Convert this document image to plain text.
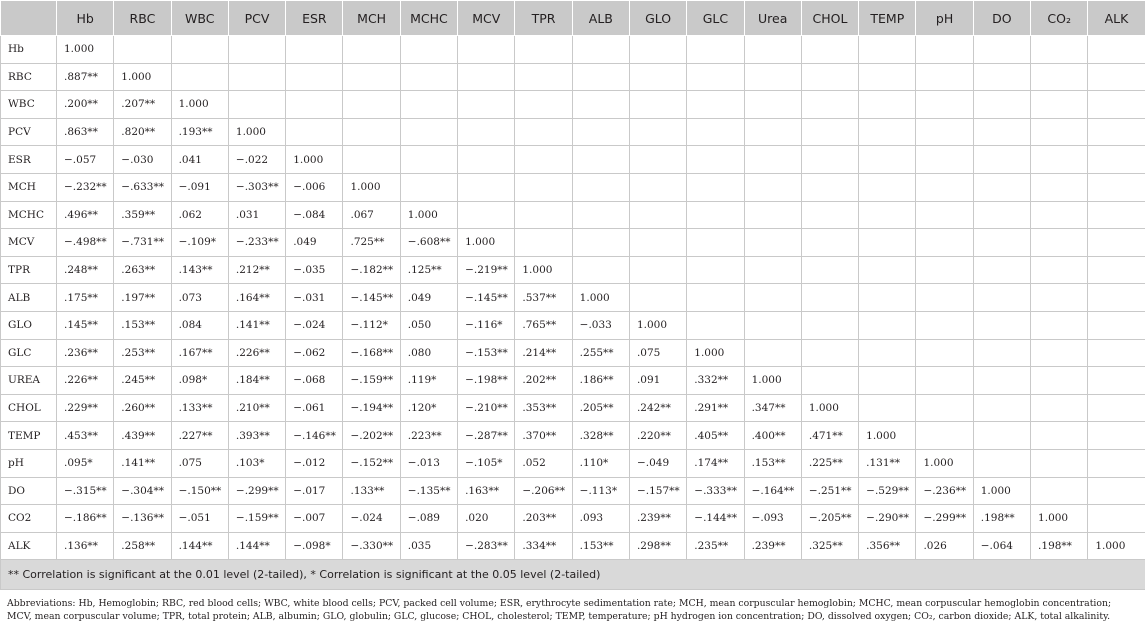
	Hb	RBC	WBC	PCV	ESR	MCH	MCHC	MCV	TPR	ALB	GLO	GLC	Urea	CHOL	TEMP	pH	DO	CO₂	ALK
Hb	1.000																		
RBC	.887**	1.000																	
WBC	.200**	.207**	1.000																
PCV	.863**	.820**	.193**	1.000															
ESR	−.057	−.030	.041	−.022	1.000														
MCH	−.232**	−.633**	−.091	−.303**	−.006	1.000													
MCHC	.496**	.359**	.062	.031	−.084	.067	1.000												
MCV	−.498**	−.731**	−.109*	−.233**	.049	.725**	−.608**	1.000											
TPR	.248**	.263**	.143**	.212**	−.035	−.182**	.125**	−.219**	1.000										
ALB	.175**	.197**	.073	.164**	−.031	−.145**	.049	−.145**	.537**	1.000									
GLO	.145**	.153**	.084	.141**	−.024	−.112*	.050	−.116*	.765**	−.033	1.000								
GLC	.236**	.253**	.167**	.226**	−.062	−.168**	.080	−.153**	.214**	.255**	.075	1.000							
UREA	.226**	.245**	.098*	.184**	−.068	−.159**	.119*	−.198**	.202**	.186**	.091	.332**	1.000						
CHOL	.229**	.260**	.133**	.210**	−.061	−.194**	.120*	−.210**	.353**	.205**	.242**	.291**	.347**	1.000					
TEMP	.453**	.439**	.227**	.393**	−.146**	−.202**	.223**	−.287**	.370**	.328**	.220**	.405**	.400**	.471**	1.000				
pH	.095*	.141**	.075	.103*	−.012	−.152**	−.013	−.105*	.052	.110*	−.049	.174**	.153**	.225**	.131**	1.000			
DO	−.315**	−.304**	−.150**	−.299**	−.017	.133**	−.135**	.163**	−.206**	−.113*	−.157**	−.333**	−.164**	−.251**	−.529**	−.236**	1.000		
CO2	−.186**	−.136**	−.051	−.159**	−.007	−.024	−.089	.020	.203**	.093	.239**	−.144**	−.093	−.205**	−.290**	−.299**	.198**	1.000	
ALK	.136**	.258**	.144**	.144**	−.098*	−.330**	.035	−.283**	.334**	.153**	.298**	.235**	.239**	.325**	.356**	.026	−.064	.198**	1.000
** Correlation is significant at the 0.01 level (2-tailed), * Correlation is significant at the 0.05 level (2-tailed)																			
Abbreviations: Hb, Hemoglobin; RBC, red blood cells; WBC, white blood cells; PCV, packed cell volume; ESR, erythrocyte sedimentation rate; MCH, mean corpuscular hemoglobin; MCHC, mean corpuscular hemoglobin concentration; MCV, mean corpuscular volume; TPR, total protein; ALB, albumin; GLO, globulin; GLC, glucose; CHOL, cholesterol; TEMP, temperature; pH hydrogen ion concentration; DO, dissolved oxygen; CO₂, carbon dioxide; ALK, total alkalinity.
